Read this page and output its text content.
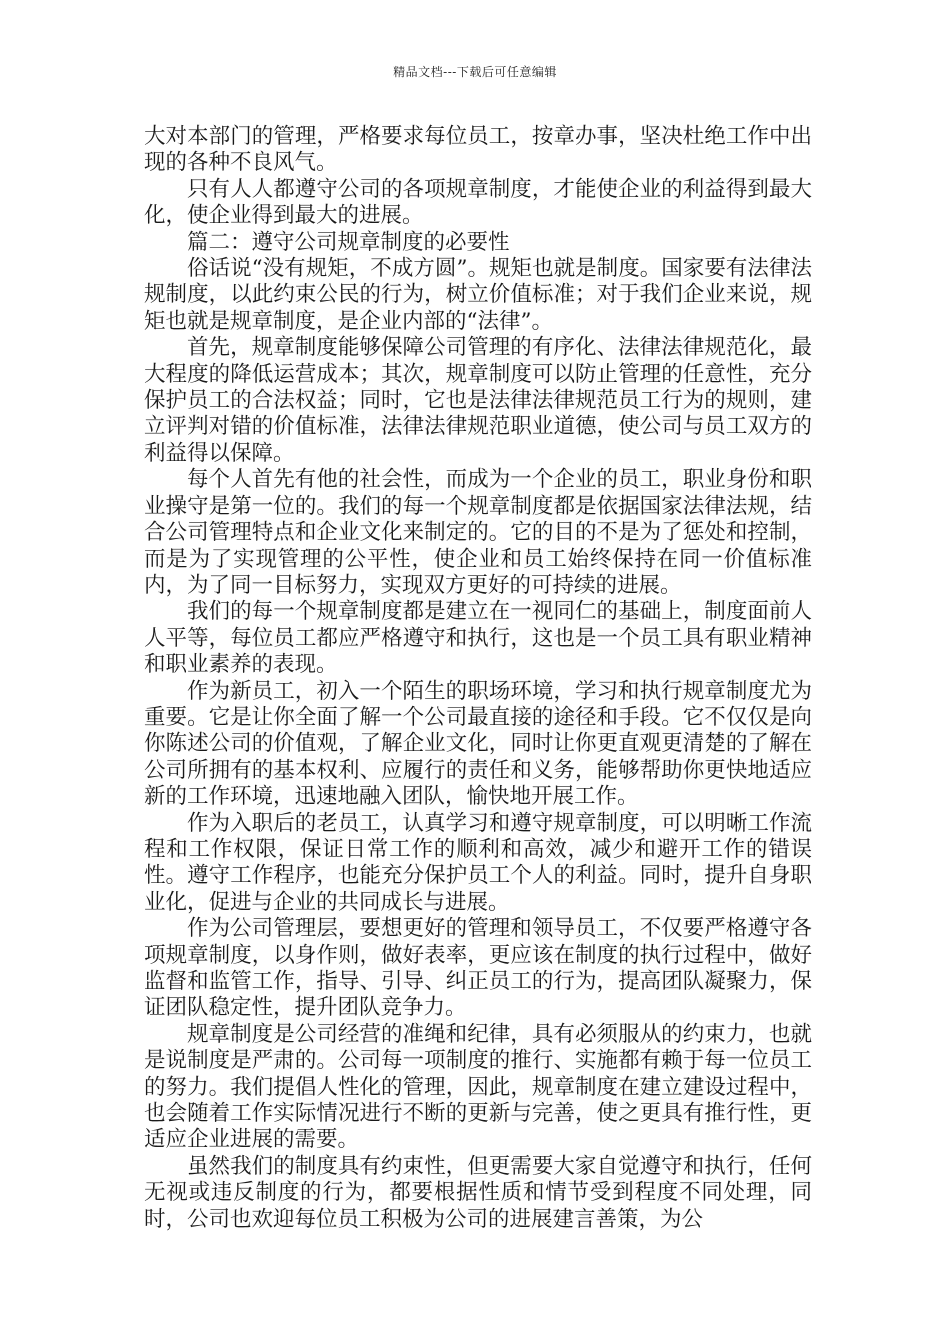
精品文档---下载后可任意编辑

大对本部门的管理，严格要求每位员工，按章办事，坚决杜绝工作中出现的各种不良风气。

只有人人都遵守公司的各项规章制度，才能使企业的利益得到最大化，使企业得到最大的进展。

篇二：遵守公司规章制度的必要性

俗话说“没有规矩，不成方圆”。规矩也就是制度。国家要有法律法规制度，以此约束公民的行为，树立价值标准；对于我们企业来说，规矩也就是规章制度，是企业内部的“法律”。

首先，规章制度能够保障公司管理的有序化、法律法律规范化，最大程度的降低运营成本；其次，规章制度可以防止管理的任意性，充分保护员工的合法权益；同时，它也是法律法律规范员工行为的规则，建立评判对错的价值标准，法律法律规范职业道德，使公司与员工双方的利益得以保障。

每个人首先有他的社会性，而成为一个企业的员工，职业身份和职业操守是第一位的。我们的每一个规章制度都是依据国家法律法规，结合公司管理特点和企业文化来制定的。它的目的不是为了惩处和控制，而是为了实现管理的公平性，使企业和员工始终保持在同一价值标准内，为了同一目标努力，实现双方更好的可持续的进展。

我们的每一个规章制度都是建立在一视同仁的基础上，制度面前人人平等，每位员工都应严格遵守和执行，这也是一个员工具有职业精神和职业素养的表现。

作为新员工，初入一个陌生的职场环境，学习和执行规章制度尤为重要。它是让你全面了解一个公司最直接的途径和手段。它不仅仅是向你陈述公司的价值观，了解企业文化，同时让你更直观更清楚的了解在公司所拥有的基本权利、应履行的责任和义务，能够帮助你更快地适应新的工作环境，迅速地融入团队，愉快地开展工作。

作为入职后的老员工，认真学习和遵守规章制度，可以明晰工作流程和工作权限，保证日常工作的顺利和高效，减少和避开工作的错误性。遵守工作程序，也能充分保护员工个人的利益。同时，提升自身职业化，促进与企业的共同成长与进展。

作为公司管理层，要想更好的管理和领导员工，不仅要严格遵守各项规章制度，以身作则，做好表率，更应该在制度的执行过程中，做好监督和监管工作，指导、引导、纠正员工的行为，提高团队凝聚力，保证团队稳定性，提升团队竞争力。

规章制度是公司经营的准绳和纪律，具有必须服从的约束力，也就是说制度是严肃的。公司每一项制度的推行、实施都有赖于每一位员工的努力。我们提倡人性化的管理，因此，规章制度在建立建设过程中，也会随着工作实际情况进行不断的更新与完善，使之更具有推行性，更适应企业进展的需要。

虽然我们的制度具有约束性，但更需要大家自觉遵守和执行，任何无视或违反制度的行为，都要根据性质和情节受到程度不同处理，同时，公司也欢迎每位员工积极为公司的进展建言善策，为公
